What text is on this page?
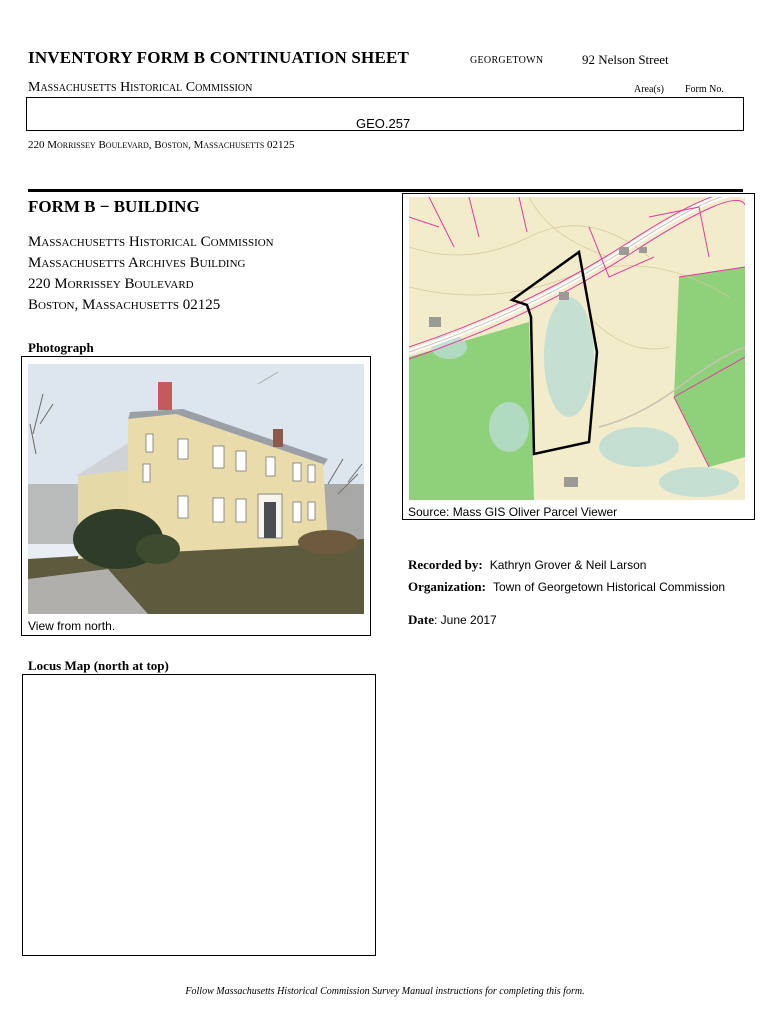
INVENTORY FORM B CONTINUATION SHEET	GEORGETOWN	92 Nelson Street
Massachusetts Historical Commission	Area(s) Form No.
GEO.257
220 Morrissey Boulevard, Boston, Massachusetts 02125
FORM B − BUILDING
Massachusetts Historical Commission
Massachusetts Archives Building
220 Morrissey Boulevard
Boston, Massachusetts 02125
Photograph
View from north.
Source: Mass GIS Oliver Parcel Viewer
Recorded by: Kathryn Grover & Neil Larson
Organization: Town of Georgetown Historical Commission
Date: June 2017
Locus Map (north at top)
Follow Massachusetts Historical Commission Survey Manual instructions for completing this form.
